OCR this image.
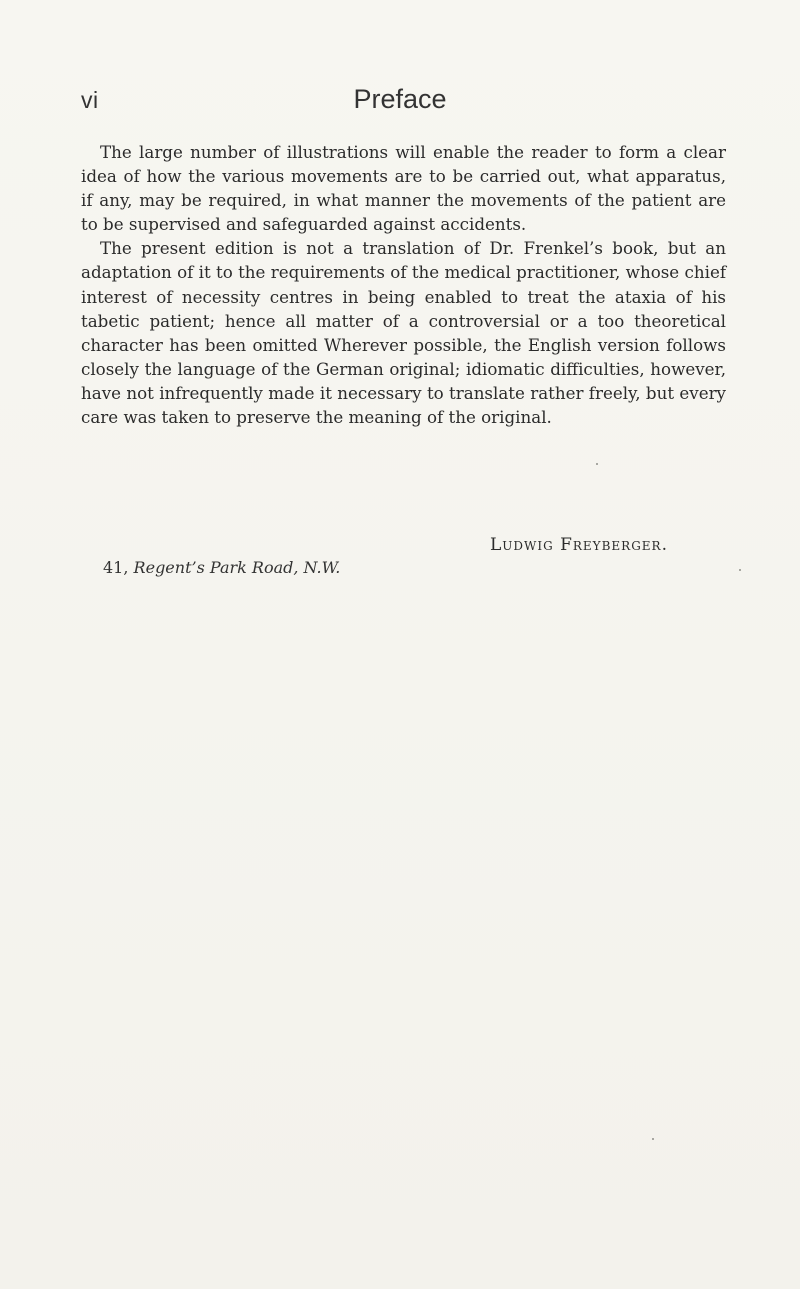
vi	Preface

The large number of illustrations will enable the reader to form a clear idea of how the various movements are to be carried out, what apparatus, if any, may be required, in what manner the movements of the patient are to be supervised and safeguarded against accidents.

The present edition is not a translation of Dr. Frenkel’s book, but an adaptation of it to the requirements of the medical practitioner, whose chief interest of necessity centres in being enabled to treat the ataxia of his tabetic patient; hence all matter of a controversial or a too theoretical character has been omitted Wherever possible, the English version follows closely the language of the German original; idiomatic difficulties, however, have not infrequently made it necessary to translate rather freely, but every care was taken to preserve the meaning of the original.

Ludwig Freyberger.
41, Regent’s Park Road, N.W.
